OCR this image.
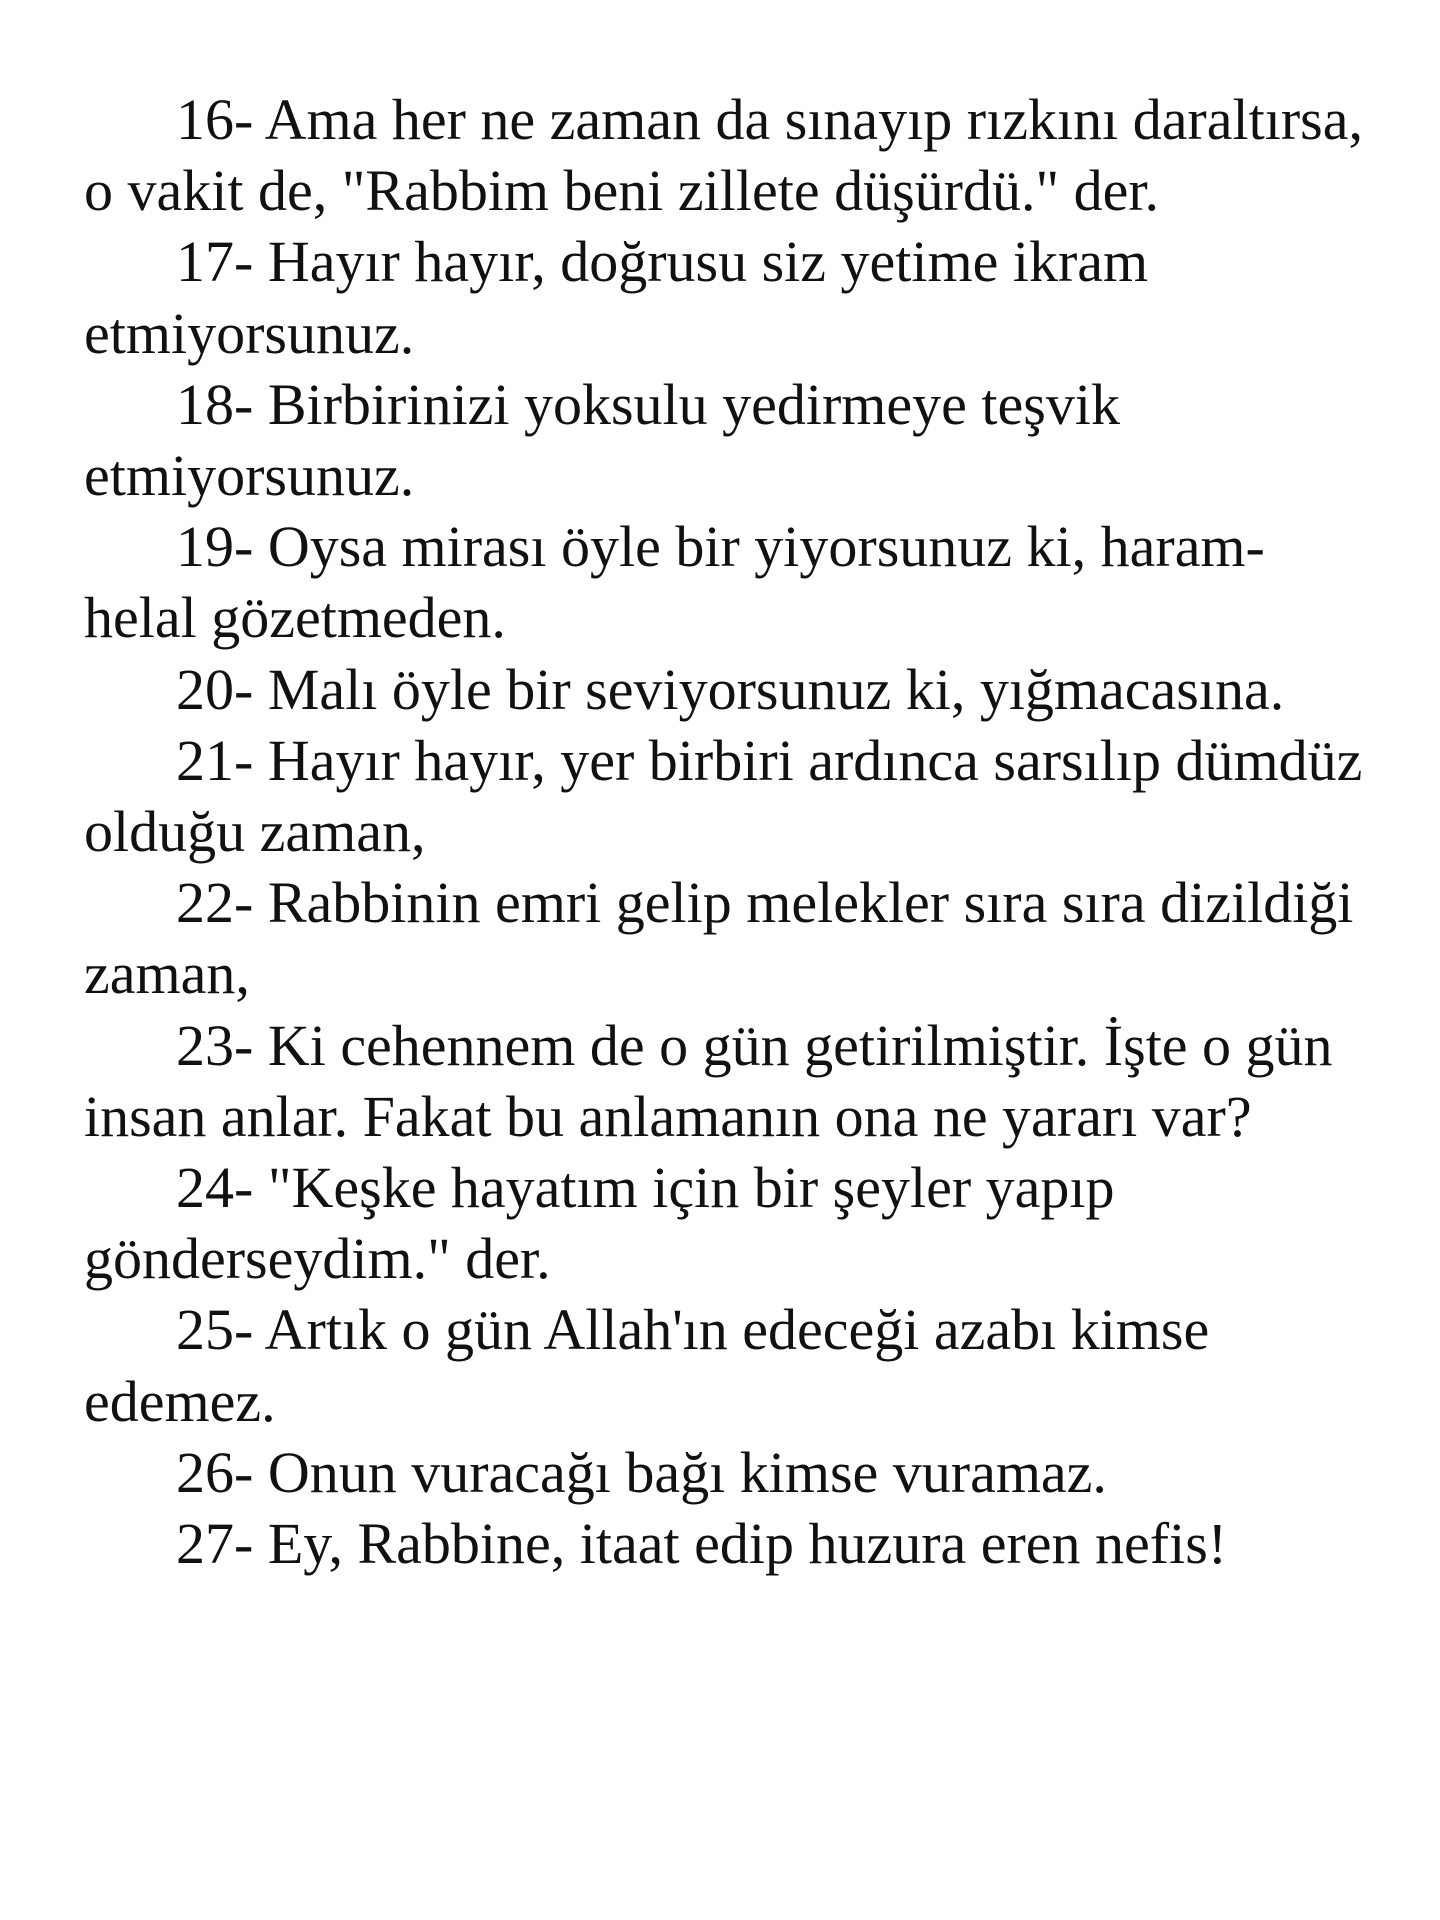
16- Ama her ne zaman da sınayıp rızkını daraltırsa, o vakit de, "Rabbim beni zillete düşürdü." der.

17- Hayır hayır, doğrusu siz yetime ikram etmiyorsunuz.

18- Birbirinizi yoksulu yedirmeye teşvik etmiyorsunuz.

19- Oysa mirası öyle bir yiyorsunuz ki, haram-helal gözetmeden.

20- Malı öyle bir seviyorsunuz ki, yığmacasına.

21- Hayır hayır, yer birbiri ardınca sarsılıp dümdüz olduğu zaman,

22- Rabbinin emri gelip melekler sıra sıra dizildiği zaman,

23- Ki cehennem de o gün getirilmiştir. İşte o gün insan anlar. Fakat bu anlamanın ona ne yararı var?

24- "Keşke hayatım için bir şeyler yapıp gönderseydim." der.

25- Artık o gün Allah'ın edeceği azabı kimse edemez.

26- Onun vuracağı bağı kimse vuramaz.

27- Ey, Rabbine, itaat edip huzura eren nefis!
